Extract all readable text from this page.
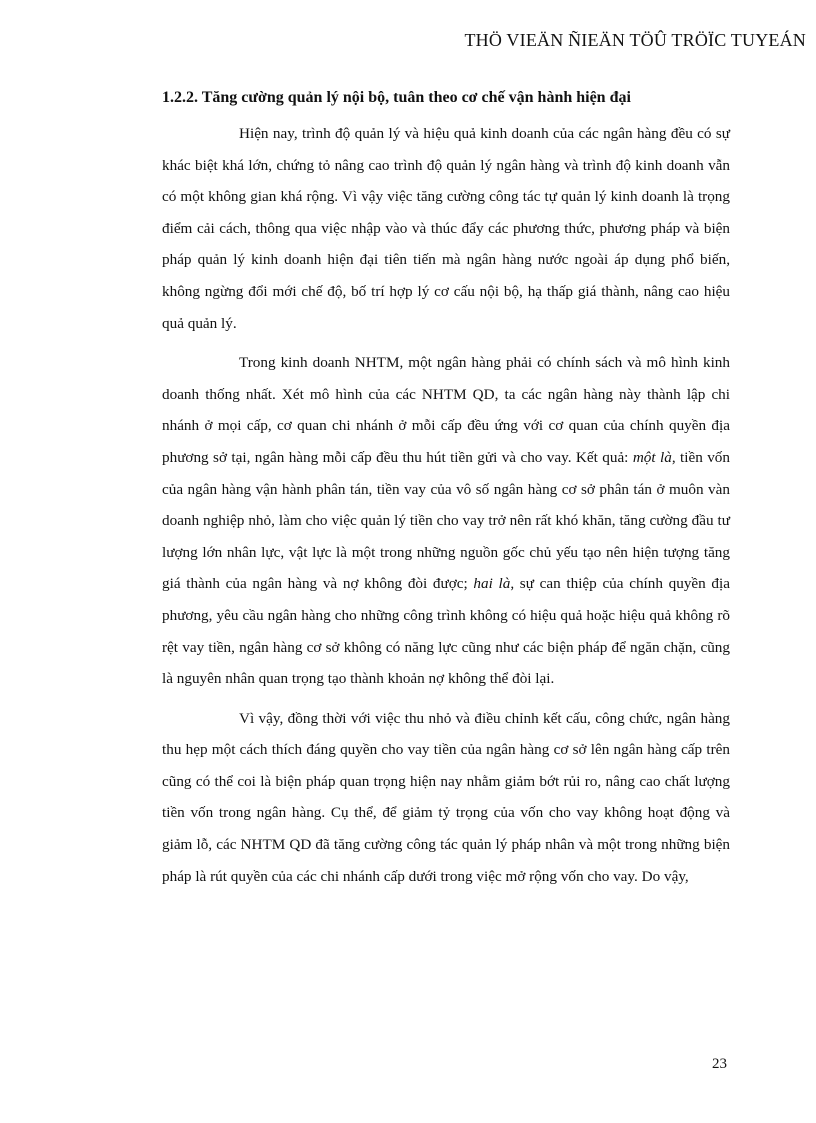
THÖ VIEÄN ÑIEÄN TÖÛ TRÖÏC TUYEÁN
1.2.2. Tăng cường quản lý nội bộ, tuân theo cơ chế vận hành hiện đại

Hiện nay, trình độ quản lý và hiệu quả kinh doanh của các ngân hàng đều có sự khác biệt khá lớn, chứng tỏ nâng cao trình độ quản lý ngân hàng và trình độ kinh doanh vẫn có một không gian khá rộng. Vì vậy việc tăng cường công tác tự quản lý kinh doanh là trọng điểm cải cách, thông qua việc nhập vào và thúc đẩy các phương thức, phương pháp và biện pháp quản lý kinh doanh hiện đại tiên tiến mà ngân hàng nước ngoài áp dụng phổ biến, không ngừng đổi mới chế độ, bố trí hợp lý cơ cấu nội bộ, hạ thấp giá thành, nâng cao hiệu quả quản lý.

Trong kinh doanh NHTM, một ngân hàng phải có chính sách và mô hình kinh doanh thống nhất. Xét mô hình của các NHTM QD, ta các ngân hàng này thành lập chi nhánh ở mọi cấp, cơ quan chi nhánh ở mỗi cấp đều ứng với cơ quan của chính quyền địa phương sở tại, ngân hàng mỗi cấp đều thu hút tiền gửi và cho vay. Kết quả: một là, tiền vốn của ngân hàng vận hành phân tán, tiền vay của vô số ngân hàng cơ sở phân tán ở muôn vàn doanh nghiệp nhỏ, làm cho việc quản lý tiền cho vay trở nên rất khó khăn, tăng cường đầu tư lượng lớn nhân lực, vật lực là một trong những nguồn gốc chủ yếu tạo nên hiện tượng tăng giá thành của ngân hàng và nợ không đòi được; hai là, sự can thiệp của chính quyền địa phương, yêu cầu ngân hàng cho những công trình không có hiệu quả hoặc hiệu quả không rõ rệt vay tiền, ngân hàng cơ sở không có năng lực cũng như các biện pháp để ngăn chặn, cũng là nguyên nhân quan trọng tạo thành khoản nợ không thể đòi lại.

Vì vậy, đồng thời với việc thu nhỏ và điều chỉnh kết cấu, công chức, ngân hàng thu hẹp một cách thích đáng quyền cho vay tiền của ngân hàng cơ sở lên ngân hàng cấp trên cũng có thể coi là biện pháp quan trọng hiện nay nhằm giảm bớt rủi ro, nâng cao chất lượng tiền vốn trong ngân hàng. Cụ thể, để giảm tỷ trọng của vốn cho vay không hoạt động và giảm lỗ, các NHTM QD đã tăng cường công tác quản lý pháp nhân và một trong những biện pháp là rút quyền của các chi nhánh cấp dưới trong việc mở rộng vốn cho vay. Do vậy,

23
